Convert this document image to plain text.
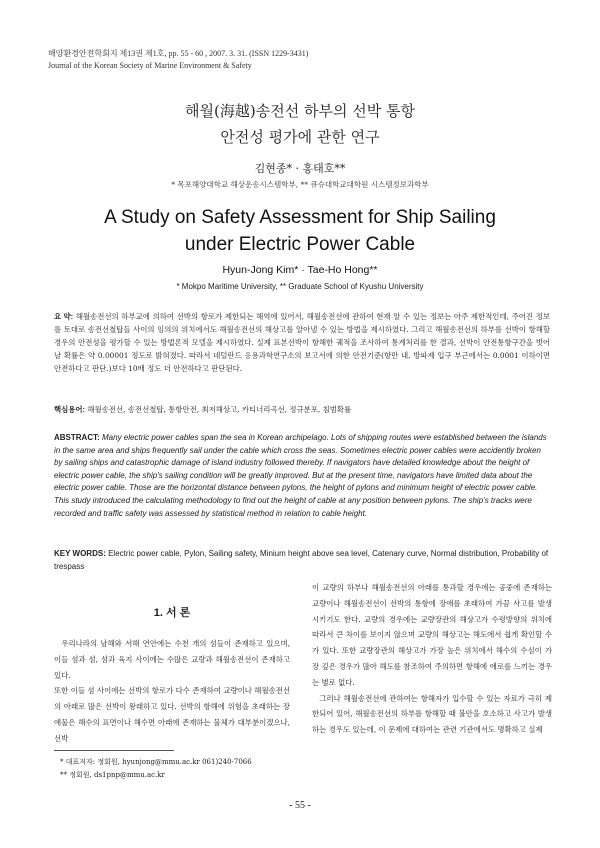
해양환경안전학회지 제13권 제1호, pp. 55 - 60 , 2007. 3. 31. (ISSN 1229-3431)
Journal of the Korean Society of Marine Environment & Safety
해월(海越)송전선 하부의 선박 통항
안전성 평가에 관한 연구
김현종* · 홍태호**
* 목포해양대학교 해상운송시스템학부, ** 큐슈대학교대학원 시스템정보과학부
A Study on Safety Assessment for Ship Sailing
under Electric Power Cable
Hyun-Jong Kim* · Tae-Ho Hong**
* Mokpo Maritime University, ** Graduate School of Kyushu University
요 약: 해월송전선의 하부교에 의하여 선박의 항로가 제한되는 해역에 있어서, 해월송전선에 관하여 현재 알 수 있는 정보는 아주 제한적인데, 주어진 정보를 토대로 송전선철탑들 사이의 임의의 위치에서도 해월송전선의 해상고를 알아낼 수 있는 방법을 제시하였다. 그리고 해월송전선의 하부를 선박이 항해할 경우의 안전성을 평가할 수 있는 방법론적 모델을 제시하였다. 실제 표본선박이 항해한 궤적을 조사하여 통계처리를 한 결과, 선박이 안전통항구간을 벗어날 확률은 약 0.00001 정도로 밝혀졌다. 따라서 네덜란드 응용과학연구소의 보고서에 의한 안전기준(항만 내, 방파제 입구 부근에서는 0.0001 이하이면 안전하다고 판단.)보다 10배 정도 더 안전하다고 판단된다.
핵심용어: 해월송전선, 송전선철탑, 통항안전, 최저해상고, 카티너리곡선, 정규분포, 침범확률
ABSTRACT: Many electric power cables span the sea in Korean archipelago. Lots of shipping routes were established between the islands in the same area and ships frequently sail under the cable which cross the seas. Sometimes electric power cables were accidently broken by sailing ships and catastrophic damage of island industry followed thereby. If navigators have detailed knowledge about the height of electric power cable, the ship's sailing condition will be greatly improved. But at the present time, navigators have limited data about the electric power cable. Those are the horizontal distance between pylons, the height of pylons and minimum height of electric power cable.
This study introduced the calculating methodology to find out the height of cable at any position between pylons. The ship's tracks were recorded and traffic safety was assessed by statistical method in relation to cable height.
KEY WORDS: Electric power cable, Pylon, Sailing safety, Minium height above sea level, Catenary curve, Normal distribution, Probability of trespass
1. 서 론

우리나라의 남해와 서해 연안에는 수천 개의 섬들이 존재하고 있으며, 이들 섬과 섬, 섬과 육지 사이에는 수많은 교량과 해월송전선이 존재하고 있다.

또한 이들 섬 사이에는 선박의 항로가 다수 존재하여 교량이나 해월송전선의 아래로 많은 선박이 왕래하고 있다. 선박의 항해에 위험을 초래하는 장애물은 해수의 표면이나 해수면 아래에 존재하는 물체가 대부분이겠으나, 선박

이 교량의 하부나 해월송전선의 아래를 통과할 경우에는 공중에 존재하는 교량이나 해월송전선이 선박의 통항에 장애를 초래하여 가끔 사고를 발생시키기도 한다. 교량의 경우에는 교량장관의 해상고가 수평방향의 위치에 따라서 큰 차이를 보이지 않으며 교량의 해상고는 해도에서 쉽게 확인할 수가 있다. 또한 교량장관의 해상고가 가장 높은 위치에서 해수의 수심이 가장 깊은 경우가 많아 해도를 참조하여 주의하면 항해에 애로를 느끼는 경우는 별로 없다.

그러나 해월송전선에 관하여는 항해자가 입수할 수 있는 자료가 극히 제한되어 있어, 해월송전선의 하부를 항해할 때 불안을 호소하고 사고가 발생하는 경우도 있는데, 이 문제에 대하여는 관련 기관에서도 명확하고 실제

* 대표저자: 정회원, hyunjong@mmu.ac.kr 061)240-7066
** 정회원, ds1pnp@mmu.ac.kr
- 55 -
